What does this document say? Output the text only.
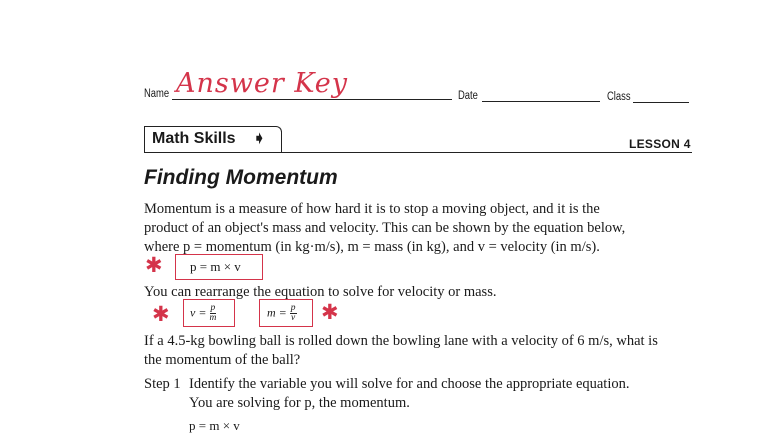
Name Answer Key	Date	Class
Math Skills ➧	LESSON 4
Finding Momentum
Momentum is a measure of how hard it is to stop a moving object, and it is the
product of an object's mass and velocity. This can be shown by the equation below,
where p = momentum (in kg·m/s), m = mass (in kg), and v = velocity (in m/s).
✱ p = m × v
You can rearrange the equation to solve for velocity or mass.
✱ $v = \frac{p}{m}$	$m = \frac{p}{v}$ ✱
If a 4.5-kg bowling ball is rolled down the bowling lane with a velocity of 6 m/s, what is
the momentum of the ball?
Step 1 Identify the variable you will solve for and choose the appropriate equation.
You are solving for p, the momentum.
p = m × v
